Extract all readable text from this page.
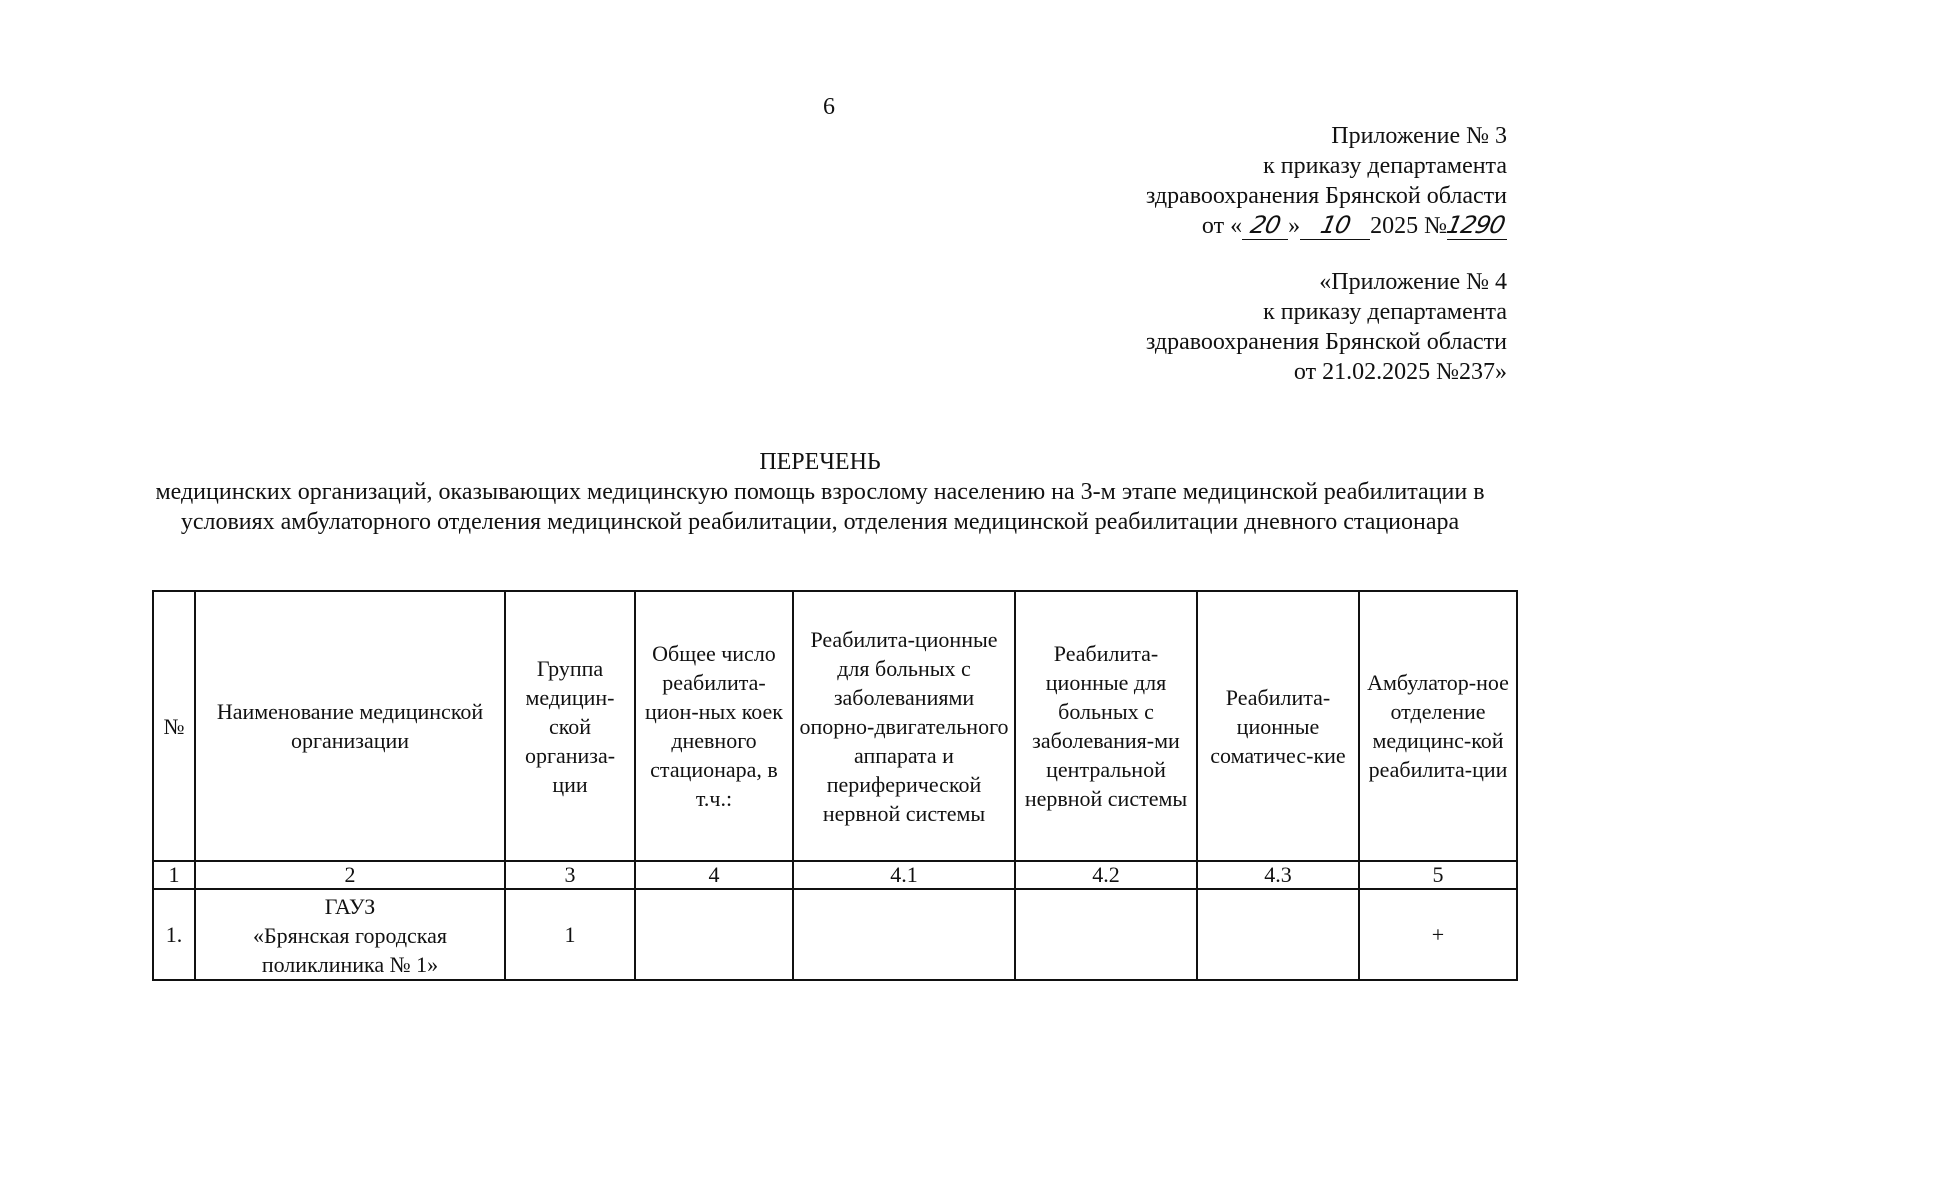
6
Приложение № 3
к приказу департамента
здравоохранения Брянской области
от « 20 » 10 2025 №1290
«Приложение № 4
к приказу департамента
здравоохранения Брянской области
от 21.02.2025 №237»
ПЕРЕЧЕНЬ
медицинских организаций, оказывающих медицинскую помощь взрослому населению на 3-м этапе медицинской реабилитации в условиях амбулаторного отделения медицинской реабилитации, отделения медицинской реабилитации дневного стационара
№	Наименование медицинской организации	Группа медицин-ской организа-ции	Общее число реабилита-цион-ных коек дневного стационара, в т.ч.:	Реабилита-ционные для больных с заболеваниями опорно-двигательного аппарата и периферической нервной системы	Реабилита-ционные для больных с заболевания-ми центральной нервной системы	Реабилита-ционные соматичес-кие	Амбулатор-ное отделение медицинс-кой реабилита-ции
1	2	3	4	4.1	4.2	4.3	5
1.	ГАУЗ
«Брянская городская
поликлиника № 1»	1					+
